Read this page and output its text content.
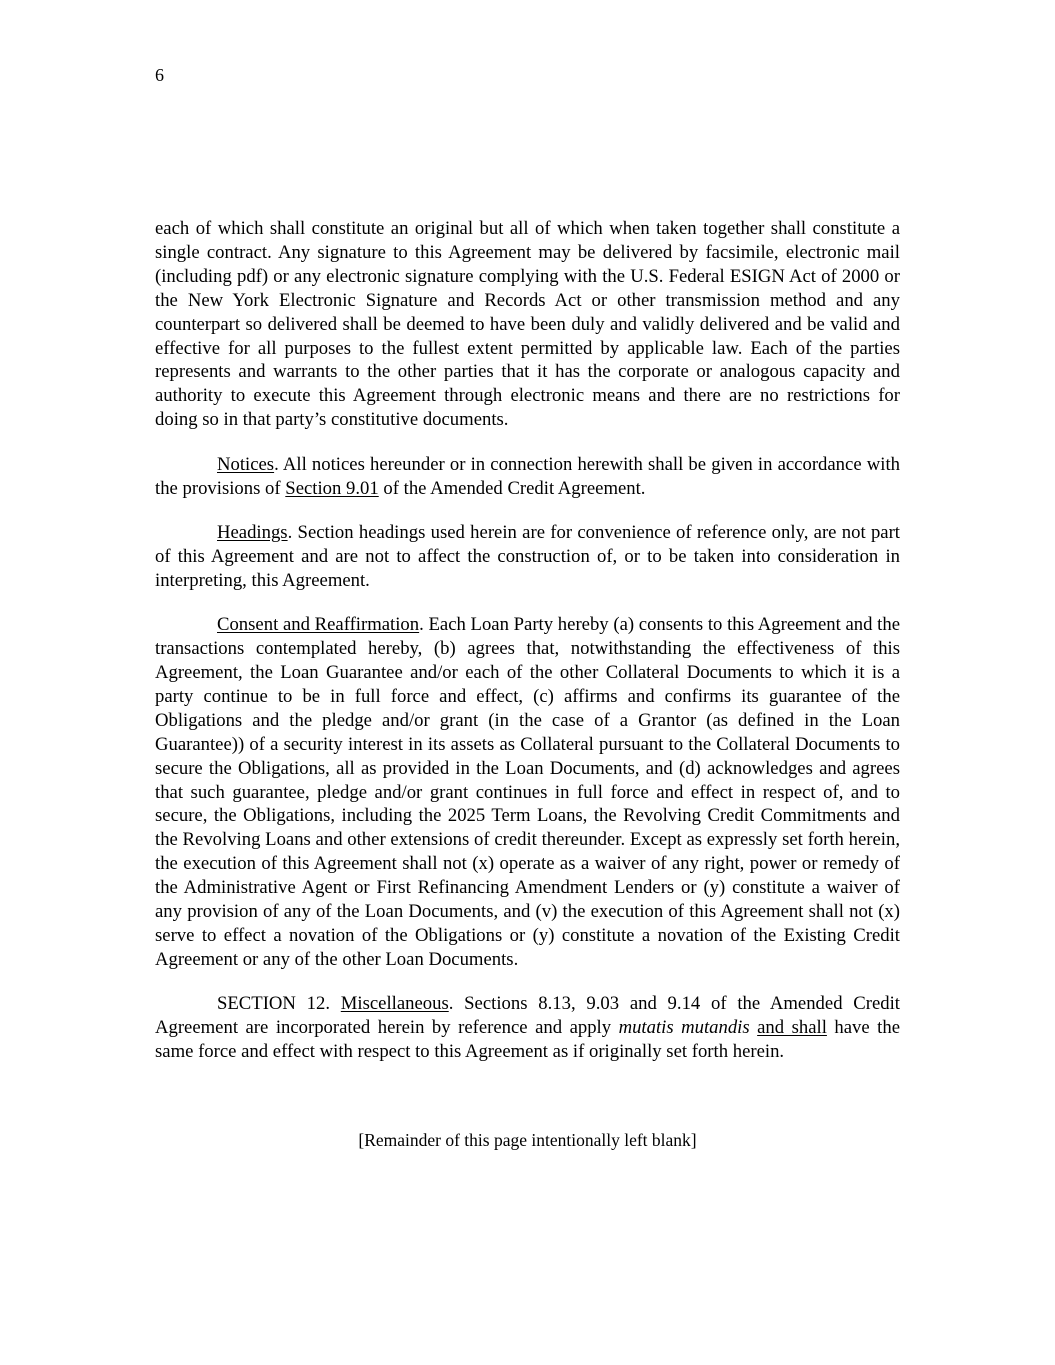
6

each of which shall constitute an original but all of which when taken together shall constitute a single contract. Any signature to this Agreement may be delivered by facsimile, electronic mail (including pdf) or any electronic signature complying with the U.S. Federal ESIGN Act of 2000 or the New York Electronic Signature and Records Act or other transmission method and any counterpart so delivered shall be deemed to have been duly and validly delivered and be valid and effective for all purposes to the fullest extent permitted by applicable law. Each of the parties represents and warrants to the other parties that it has the corporate or analogous capacity and authority to execute this Agreement through electronic means and there are no restrictions for doing so in that party’s constitutive documents.

Notices. All notices hereunder or in connection herewith shall be given in accordance with the provisions of Section 9.01 of the Amended Credit Agreement.

Headings. Section headings used herein are for convenience of reference only, are not part of this Agreement and are not to affect the construction of, or to be taken into consideration in interpreting, this Agreement.

Consent and Reaffirmation. Each Loan Party hereby (a) consents to this Agreement and the transactions contemplated hereby, (b) agrees that, notwithstanding the effectiveness of this Agreement, the Loan Guarantee and/or each of the other Collateral Documents to which it is a party continue to be in full force and effect, (c) affirms and confirms its guarantee of the Obligations and the pledge and/or grant (in the case of a Grantor (as defined in the Loan Guarantee)) of a security interest in its assets as Collateral pursuant to the Collateral Documents to secure the Obligations, all as provided in the Loan Documents, and (d) acknowledges and agrees that such guarantee, pledge and/or grant continues in full force and effect in respect of, and to secure, the Obligations, including the 2025 Term Loans, the Revolving Credit Commitments and the Revolving Loans and other extensions of credit thereunder. Except as expressly set forth herein, the execution of this Agreement shall not (x) operate as a waiver of any right, power or remedy of the Administrative Agent or First Refinancing Amendment Lenders or (y) constitute a waiver of any provision of any of the Loan Documents, and (v) the execution of this Agreement shall not (x) serve to effect a novation of the Obligations or (y) constitute a novation of the Existing Credit Agreement or any of the other Loan Documents.

SECTION 12. Miscellaneous. Sections 8.13, 9.03 and 9.14 of the Amended Credit Agreement are incorporated herein by reference and apply mutatis mutandis and shall have the same force and effect with respect to this Agreement as if originally set forth herein.

[Remainder of this page intentionally left blank]
